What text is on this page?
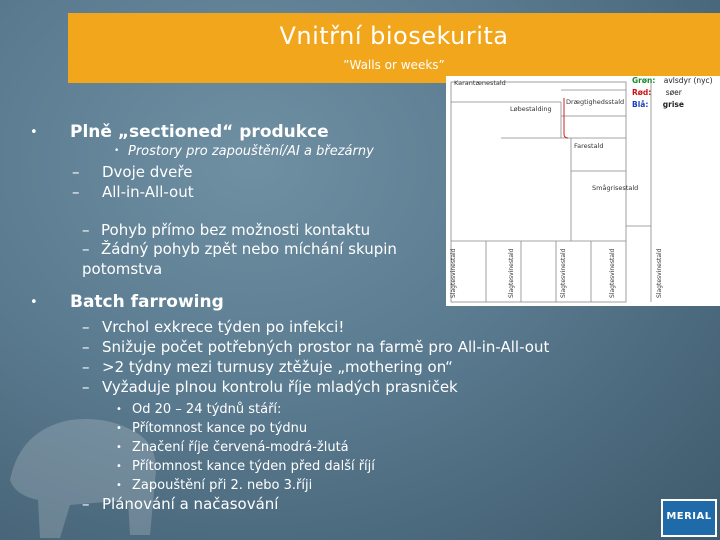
Vnitřní biosekurita
”Walls or weeks”
Karantænestald
Løbestalding
Drægtighedsstald
Farestald
Smågrisestald
Grøn: avlsdyr (nyc)
Rød: søer
Blå: grise
Slagtesvinestald	Slagtesvinestald	Slagtesvinestald	Slagtesvinestald	Slagtesvinestald
• Plně „sectioned“ produkce
• Prostory pro zapouštění/AI a březárny
– Dvoje dveře
– All-in-All-out
– Pohyb přímo bez možnosti kontaktu
– Žádný pohyb zpět nebo míchání skupin
potomstva
• Batch farrowing
– Vrchol exkrece týden po infekci!
– Snižuje počet potřebných prostor na farmě pro All-in-All-out
– >2 týdny mezi turnusy ztěžuje „mothering on“
– Vyžaduje plnou kontrolu říje mladých prasniček
• Od 20 – 24 týdnů stáří:
• Přítomnost kance po týdnu
• Značení říje červená-modrá-žlutá
• Přítomnost kance týden před další říjí
• Zapouštění při 2. nebo 3.říji
– Plánování a načasování
MERIAL
